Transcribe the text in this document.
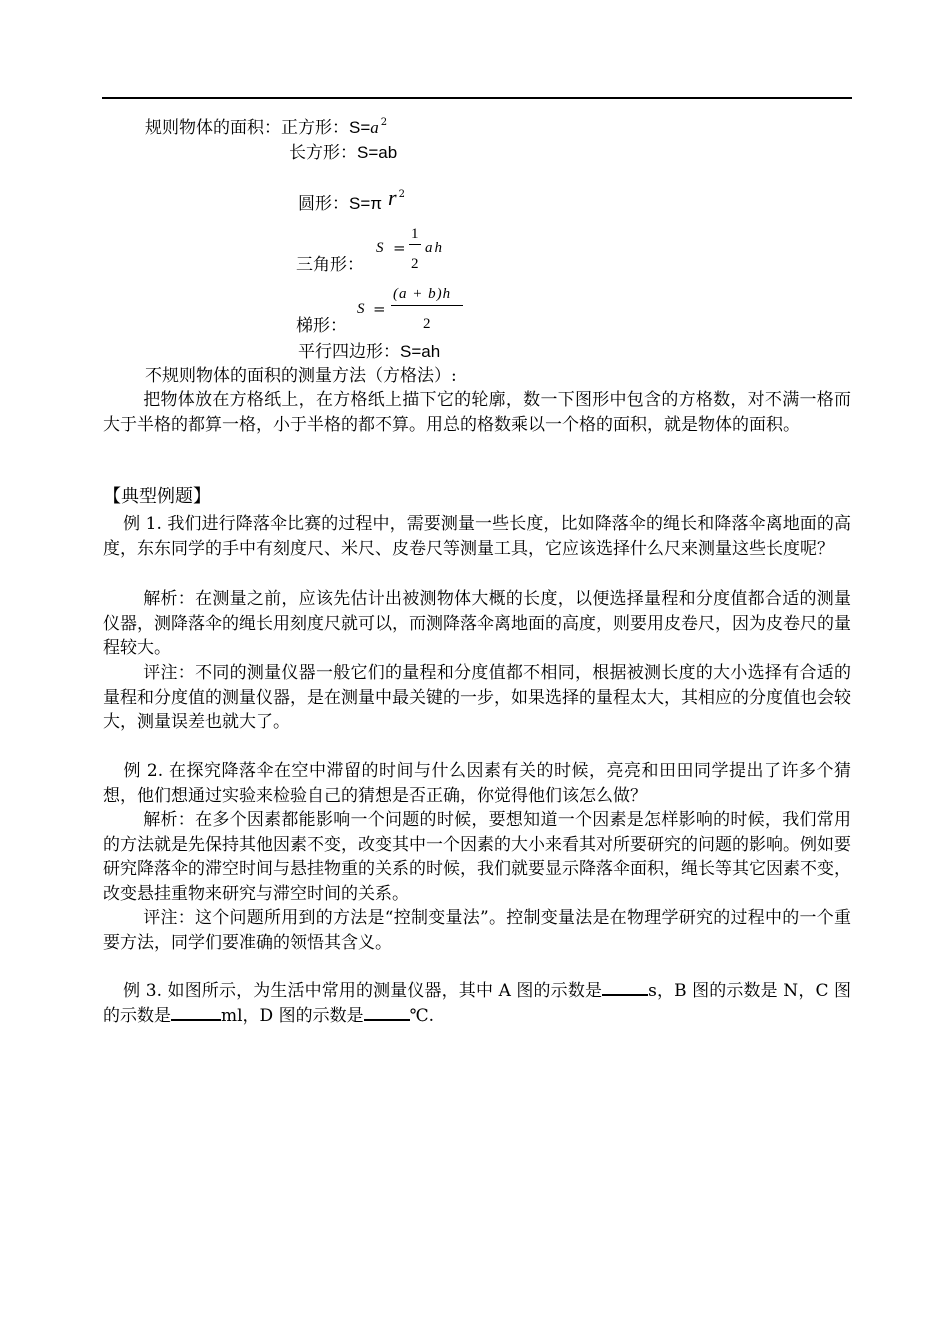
规则物体的面积：正方形：S=a $^2$
长方形：S=ab
圆形：S=π r $^2$
三角形：
S =
1
2
ah
梯形：
S =
(a + b)h
2
平行四边形：S=ah
不规则物体的面积的测量方法（方格法）:
把物体放在方格纸上，在方格纸上描下它的轮廓，数一下图形中包含的方格数，对不满一格而大于半格的都算一格，小于半格的都不算。用总的格数乘以一个格的面积，就是物体的面积。
【典型例题】
例 1. 我们进行降落伞比赛的过程中，需要测量一些长度，比如降落伞的绳长和降落伞离地面的高度，东东同学的手中有刻度尺、米尺、皮卷尺等测量工具，它应该选择什么尺来测量这些长度呢？
解析：在测量之前，应该先估计出被测物体大概的长度，以便选择量程和分度值都合适的测量仪器，测降落伞的绳长用刻度尺就可以，而测降落伞离地面的高度，则要用皮卷尺，因为皮卷尺的量程较大。
评注：不同的测量仪器一般它们的量程和分度值都不相同，根据被测长度的大小选择有合适的量程和分度值的测量仪器，是在测量中最关键的一步，如果选择的量程太大，其相应的分度值也会较大，测量误差也就大了。
例 2. 在探究降落伞在空中滞留的时间与什么因素有关的时候，亮亮和田田同学提出了许多个猜想，他们想通过实验来检验自己的猜想是否正确，你觉得他们该怎么做？
解析：在多个因素都能影响一个问题的时候，要想知道一个因素是怎样影响的时候，我们常用的方法就是先保持其他因素不变，改变其中一个因素的大小来看其对所要研究的问题的影响。例如要研究降落伞的滞空时间与悬挂物重的关系的时候，我们就要显示降落伞面积，绳长等其它因素不变，改变悬挂重物来研究与滞空时间的关系。
评注：这个问题所用到的方法是“控制变量法”。控制变量法是在物理学研究的过程中的一个重要方法，同学们要准确的领悟其含义。
例 3. 如图所示，为生活中常用的测量仪器，其中 A 图的示数是	s，B 图的示数是 N，C 图的示数是	ml，D 图的示数是	℃.
